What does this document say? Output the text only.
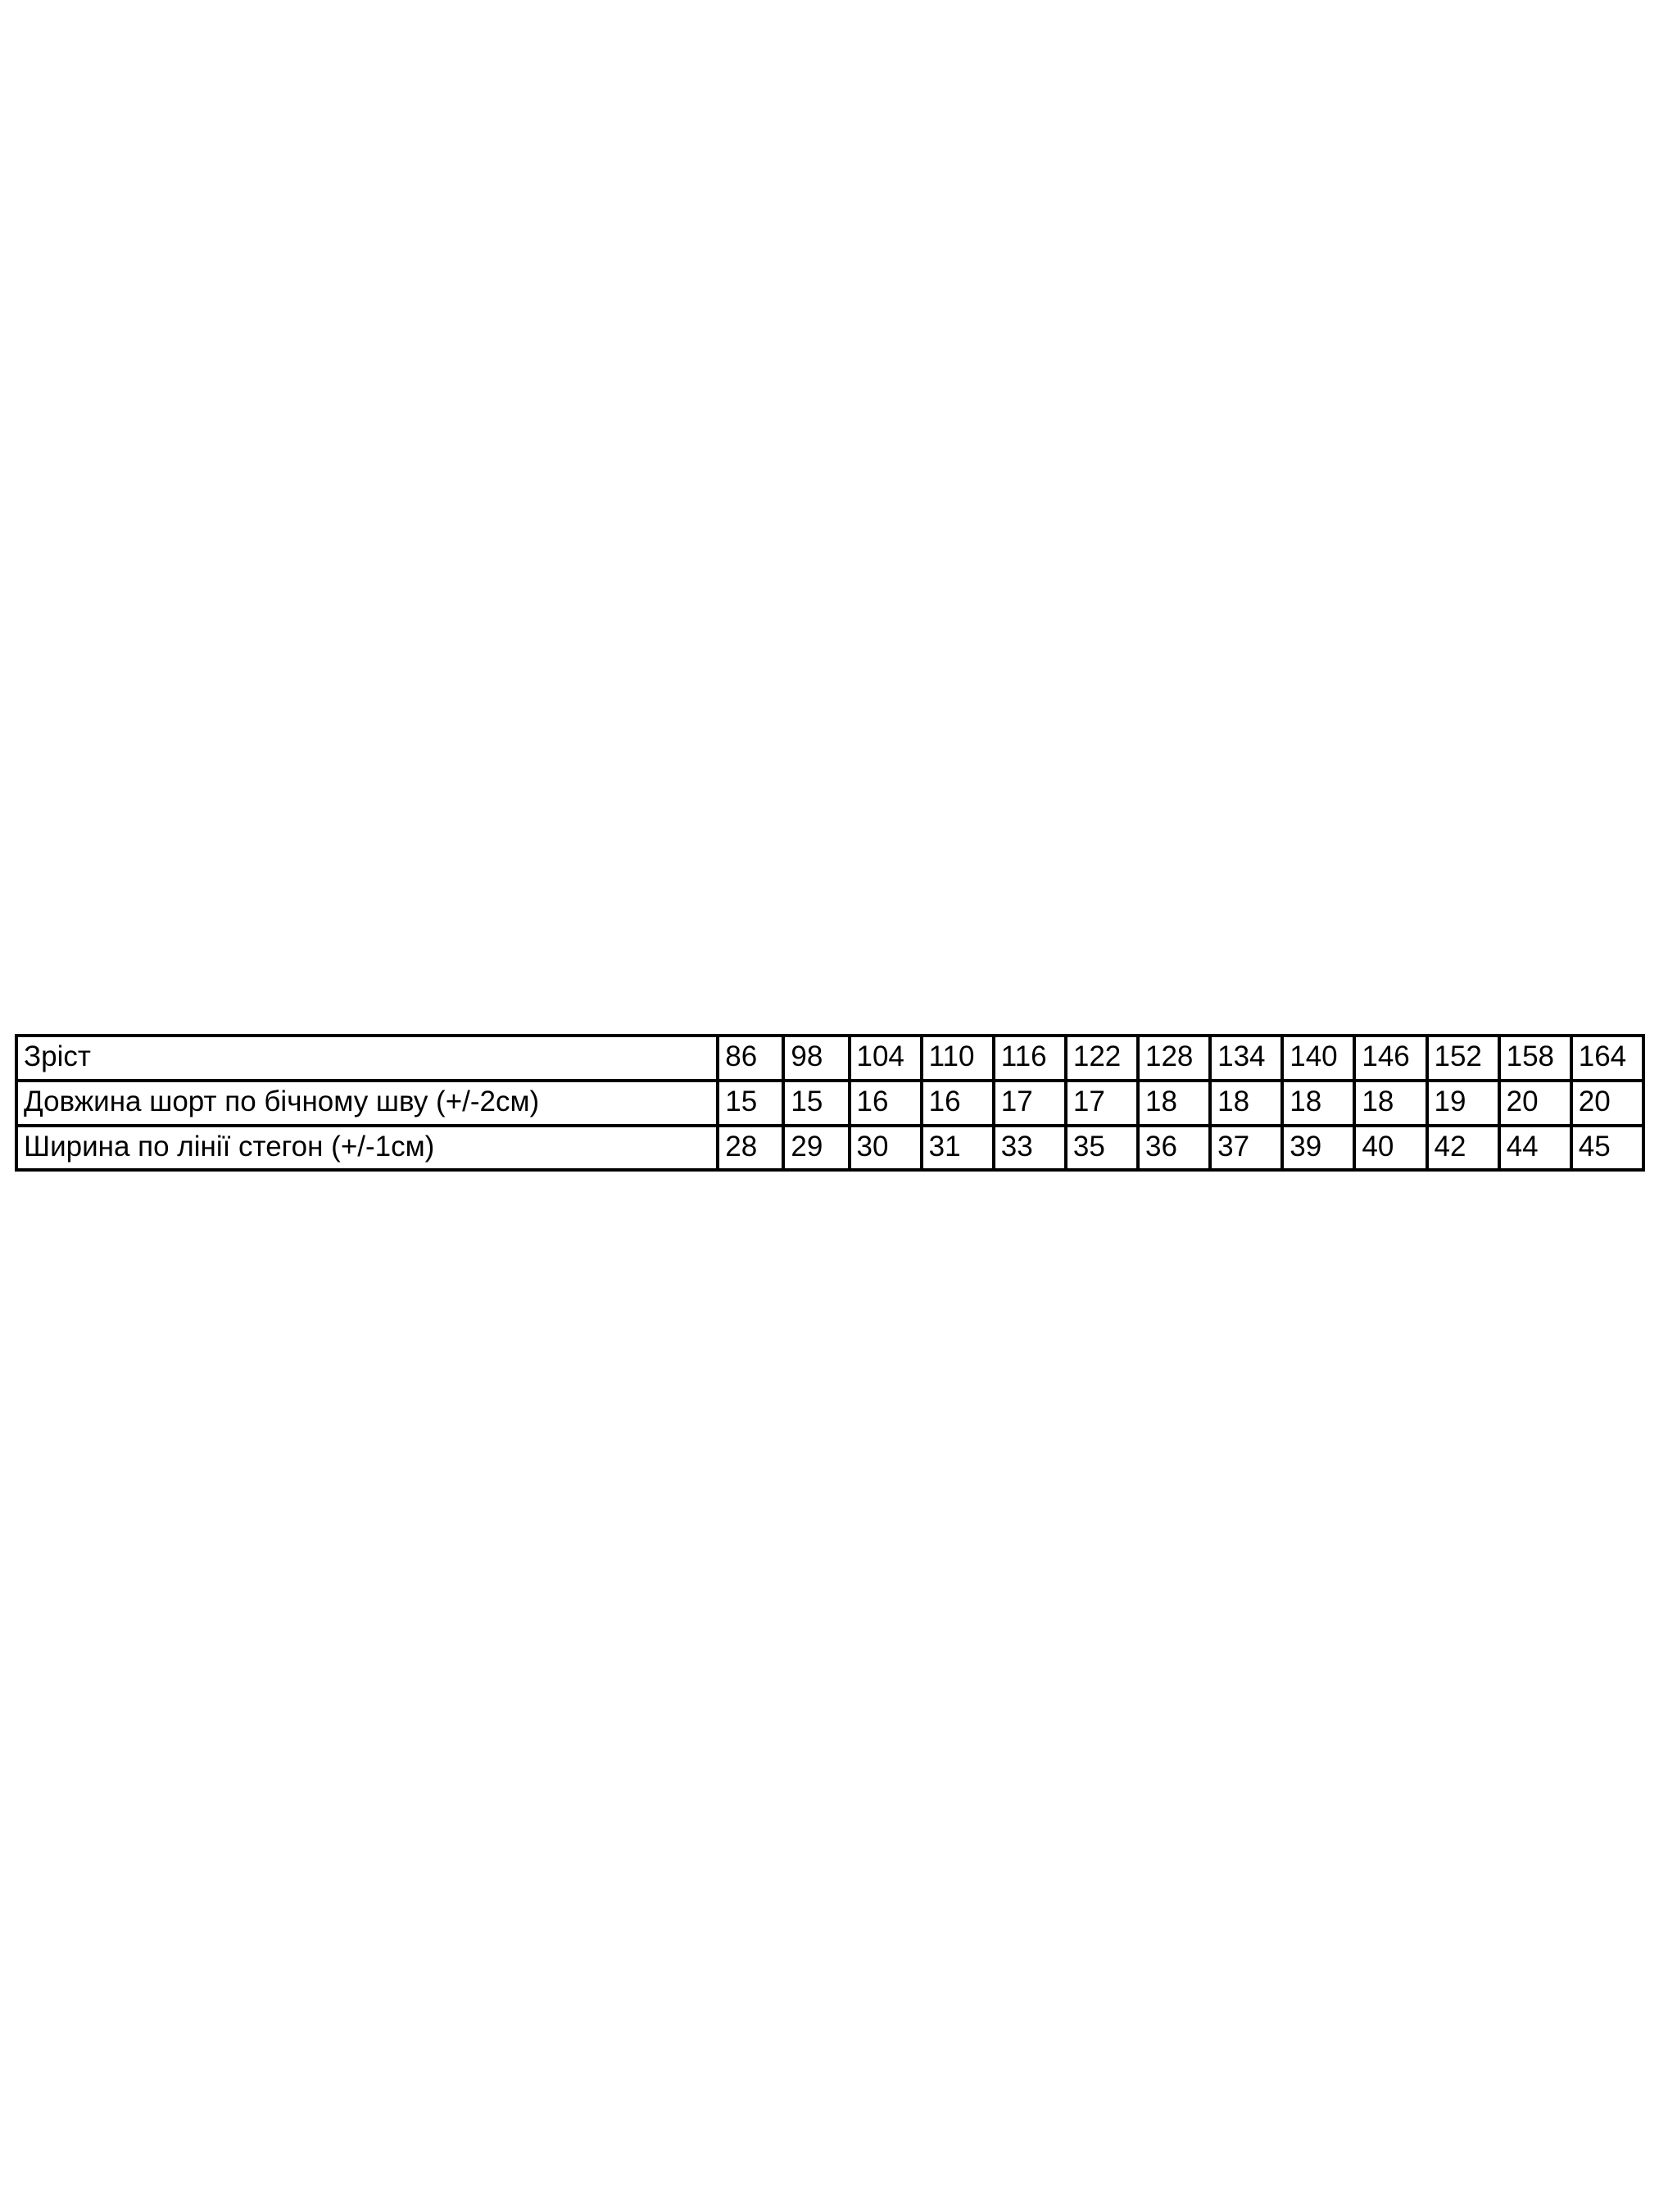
Зріст	86	98	104	110	116	122	128	134	140	146	152	158	164
Довжина шорт по бічному шву (+/-2см)	15	15	16	16	17	17	18	18	18	18	19	20	20
Ширина по лінії стегон (+/-1см)	28	29	30	31	33	35	36	37	39	40	42	44	45
